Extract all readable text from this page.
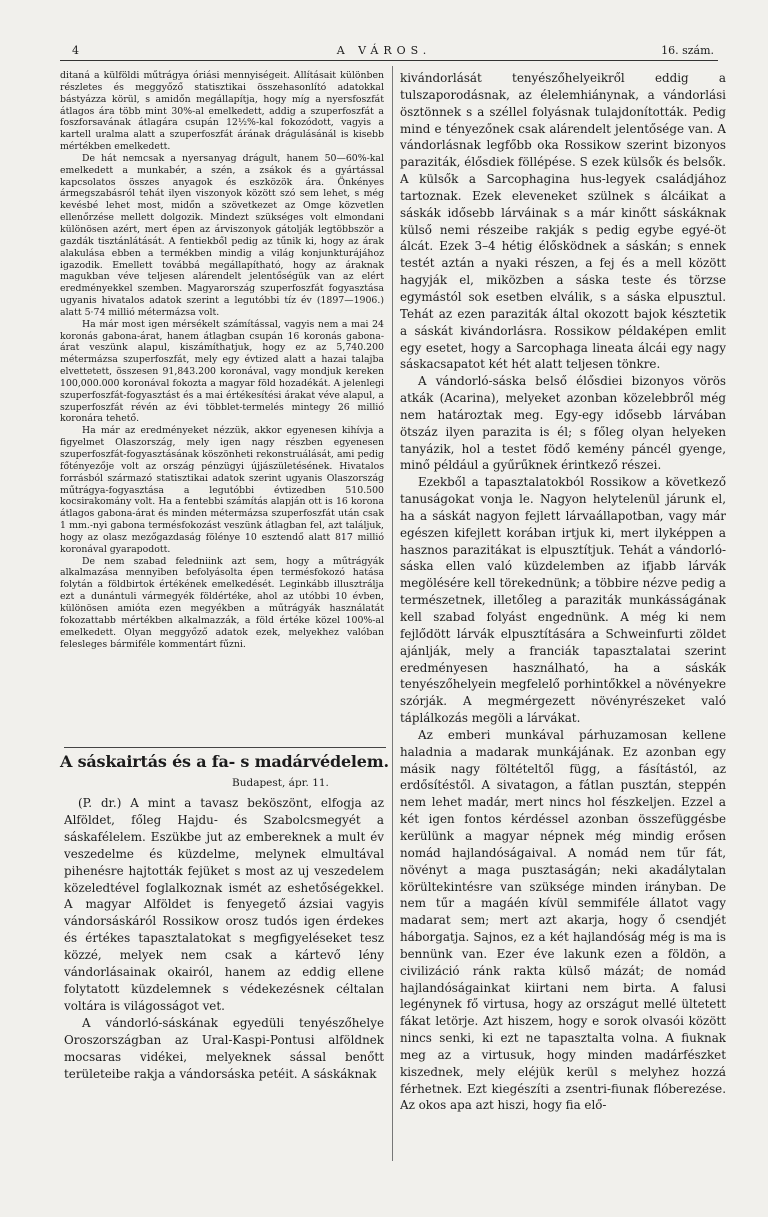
4	A VÁROS.	16. szám.

ditaná a külföldi műtrágya óriási mennyiségeit. Állításait különben részletes és meggyőző statisztikai összehasonlító adatokkal bástyázza körül, s amidőn megállapítja, hogy míg a nyersfoszfát átlagos ára több mint 30%-al emelkedett, addig a szuperfoszfát a foszforsavának átlagára csupán 12½%-kal fokozódott, vagyis a kartell uralma alatt a szuperfoszfát árának drágulásánál is kisebb mértékben emelkedett.

De hát nemcsak a nyersanyag drágult, hanem 50—60%-kal emelkedett a munkabér, a szén, a zsákok és a gyártással kapcsolatos összes anyagok és eszközök ára. Önkényes ármegszabásról tehát ilyen viszonyok között szó sem lehet, s még kevésbé lehet most, midőn a szövetkezet az Omge közvetlen ellenőrzése mellett dolgozik. Mindezt szükséges volt elmondani különösen azért, mert épen az árviszonyok gátolják legtöbbször a gazdák tisztánlátását. A fentiekből pedig az tűnik ki, hogy az árak alakulása ebben a termékben mindig a világ konjunkturájához igazodik. Emellett továbbá megállapítható, hogy az áraknak magukban véve teljesen alárendelt jelentőségük van az elért eredményekkel szemben. Magyarország szuperfoszfát fogyasztása ugyanis hivatalos adatok szerint a legutóbbi tíz év (1897—1906.) alatt 5·74 millió métermázsa volt.

Ha már most igen mérsékelt számítással, vagyis nem a mai 24 koronás gabona-árat, hanem átlagban csupán 16 koronás gabona-árat veszünk alapul, kiszámíthatjuk, hogy ez az 5,740.200 métermázsa szuperfoszfát, mely egy évtized alatt a hazai talajba elvettetett, összesen 91,843.200 koronával, vagy mondjuk kereken 100,000.000 koronával fokozta a magyar föld hozadékát. A jelenlegi szuperfoszfát-fogyasztást és a mai értékesítési árakat véve alapul, a szuperfoszfát révén az évi többlet-termelés mintegy 26 millió koronára tehető.

Ha már az eredményeket nézzük, akkor egyenesen kihívja a figyelmet Olaszország, mely igen nagy részben egyenesen szuperfoszfát-fogyasztásának köszönheti rekonstruálását, ami pedig főtényezője volt az ország pénzügyi újjászületésének. Hivatalos forrásból származó statisztikai adatok szerint ugyanis Olaszország műtrágya-fogyasztása a legutóbbi évtizedben 510.500 kocsirakomány volt. Ha a fentebbi számítás alapján ott is 16 korona átlagos gabona-árat és minden métermázsa szuperfoszfát után csak 1 mm.-nyi gabona termésfokozást veszünk átlagban fel, azt találjuk, hogy az olasz mezőgazdaság fölénye 10 esztendő alatt 817 millió koronával gyarapodott.

De nem szabad feledniink azt sem, hogy a műtrágyák alkalmazása mennyiben befolyásolta épen termésfokozó hatása folytán a földbirtok értékének emelkedését. Leginkább illusztrálja ezt a dunántuli vármegyék földértéke, ahol az utóbbi 10 évben, különösen amióta ezen megyékben a műtrágyák használatát fokozattabb mértékben alkalmazzák, a föld értéke közel 100%-al emelkedett. Olyan meggyőző adatok ezek, melyekhez valóban felesleges bármiféle kommentárt fűzni.

A sáskairtás és a fa- s madárvédelem.
Budapest, ápr. 11.

(P. dr.) A mint a tavasz beköszönt, elfogja az Alföldet, főleg Hajdu- és Szabolcsmegyét a sáskafélelem. Eszükbe jut az embereknek a mult év veszedelme és küzdelme, melynek elmultával pihenésre hajtották fejüket s most az uj veszedelem közeledtével foglalkoznak ismét az eshetőségekkel. A magyar Alföldet is fenyegető ázsiai vagyis vándorsáskáról Rossikow orosz tudós igen érdekes és értékes tapasztalatokat s megfigyeléseket tesz közzé, melyek nem csak a kártevő lény vándorlásainak okairól, hanem az eddig ellene folytatott küzdelemnek s védekezésnek céltalan voltára is világosságot vet.

A vándorló-sáskának egyedüli tenyészőhelye Oroszországban az Ural-Kaspi-Pontusi alföldnek mocsaras vidékei, melyeknek sással benőtt területeibe rakja a vándorsáska petéit. A sáskáknak

kivándorlását tenyészőhelyeikről eddig a tulszaporodásnak, az élelemhiánynak, a vándorlási ösztönnek s a széllel folyásnak tulajdonították. Pedig mind e tényezőnek csak alárendelt jelentősége van. A vándorlásnak legfőbb oka Rossikow szerint bizonyos paraziták, élősdiek föllépése. S ezek külsők és belsők. A külsők a Sarcophagina hus-legyek családjához tartoznak. Ezek eleveneket szülnek s álcáikat a sáskák idősebb lárváinak s a már kinőtt sáskáknak külső nemi részeibe rakják s pedig egybe egyé-öt álcát. Ezek 3–4 hétig élősködnek a sáskán; s ennek testét aztán a nyaki részen, a fej és a mell között hagyják el, miközben a sáska teste és törzse egymástól sok esetben elválik, s a sáska elpusztul. Tehát az ezen paraziták által okozott bajok késztetik a sáskát kivándorlásra. Rossikow példaképen emlit egy esetet, hogy a Sarcophaga lineata álcái egy nagy sáskacsapatot két hét alatt teljesen tönkre.

A vándorló-sáska belső élősdiei bizonyos vörös atkák (Acarina), melyeket azonban közelebbről még nem határoztak meg. Egy-egy idősebb lárvában ötszáz ilyen parazita is él; s főleg olyan helyeken tanyázik, hol a testet födő kemény páncél gyenge, minő például a gyűrűknek érintkező részei.

Ezekből a tapasztalatokból Rossikow a következő tanuságokat vonja le. Nagyon helytelenül járunk el, ha a sáskát nagyon fejlett lárvaállapotban, vagy már egészen kifejlett korában irtjuk ki, mert ilyképpen a hasznos parazitákat is elpusztítjuk. Tehát a vándorló-sáska ellen való küzdelemben az ifjabb lárvák megölésére kell törekednünk; a többire nézve pedig a természetnek, illetőleg a paraziták munkásságának kell szabad folyást engednünk. A még ki nem fejlődött lárvák elpusztítására a Schweinfurti zöldet ajánlják, mely a franciák tapasztalatai szerint eredményesen használható, ha a sáskák tenyészőhelyein megfelelő porhintőkkel a növényekre szórják. A megmérgezett növényrészeket való táplálkozás megöli a lárvákat.

Az emberi munkával párhuzamosan kellene haladnia a madarak munkájának. Ez azonban egy másik nagy föltételtől függ, a fásítástól, az erdősítéstől. A sivatagon, a fátlan pusztán, steppén nem lehet madár, mert nincs hol fészkeljen. Ezzel a két igen fontos kérdéssel azonban összefüggésbe kerülünk a magyar népnek még mindig erősen nomád hajlandóságaival. A nomád nem tűr fát, növényt a maga pusztaságán; neki akadálytalan körültekintésre van szüksége minden irányban. De nem tűr a magáén kívül semmiféle állatot vagy madarat sem; mert azt akarja, hogy ő csendjét háborgatja. Sajnos, ez a két hajlandóság még is ma is bennünk van. Ezer éve lakunk ezen a földön, a civilizáció ránk rakta külső mázát; de nomád hajlandóságainkat kiirtani nem birta. A falusi legénynek fő virtusa, hogy az országut mellé ültetett fákat letörje. Azt hiszem, hogy e sorok olvasói között nincs senki, ki ezt ne tapasztalta volna. A fiuknak meg az a virtusuk, hogy minden madárfészket kiszednek, mely eléjük kerül s melyhez hozzá férhetnek. Ezt kiegészíti a zsentri-fiunak flóberezése. Az okos apa azt hiszi, hogy fia elő-
